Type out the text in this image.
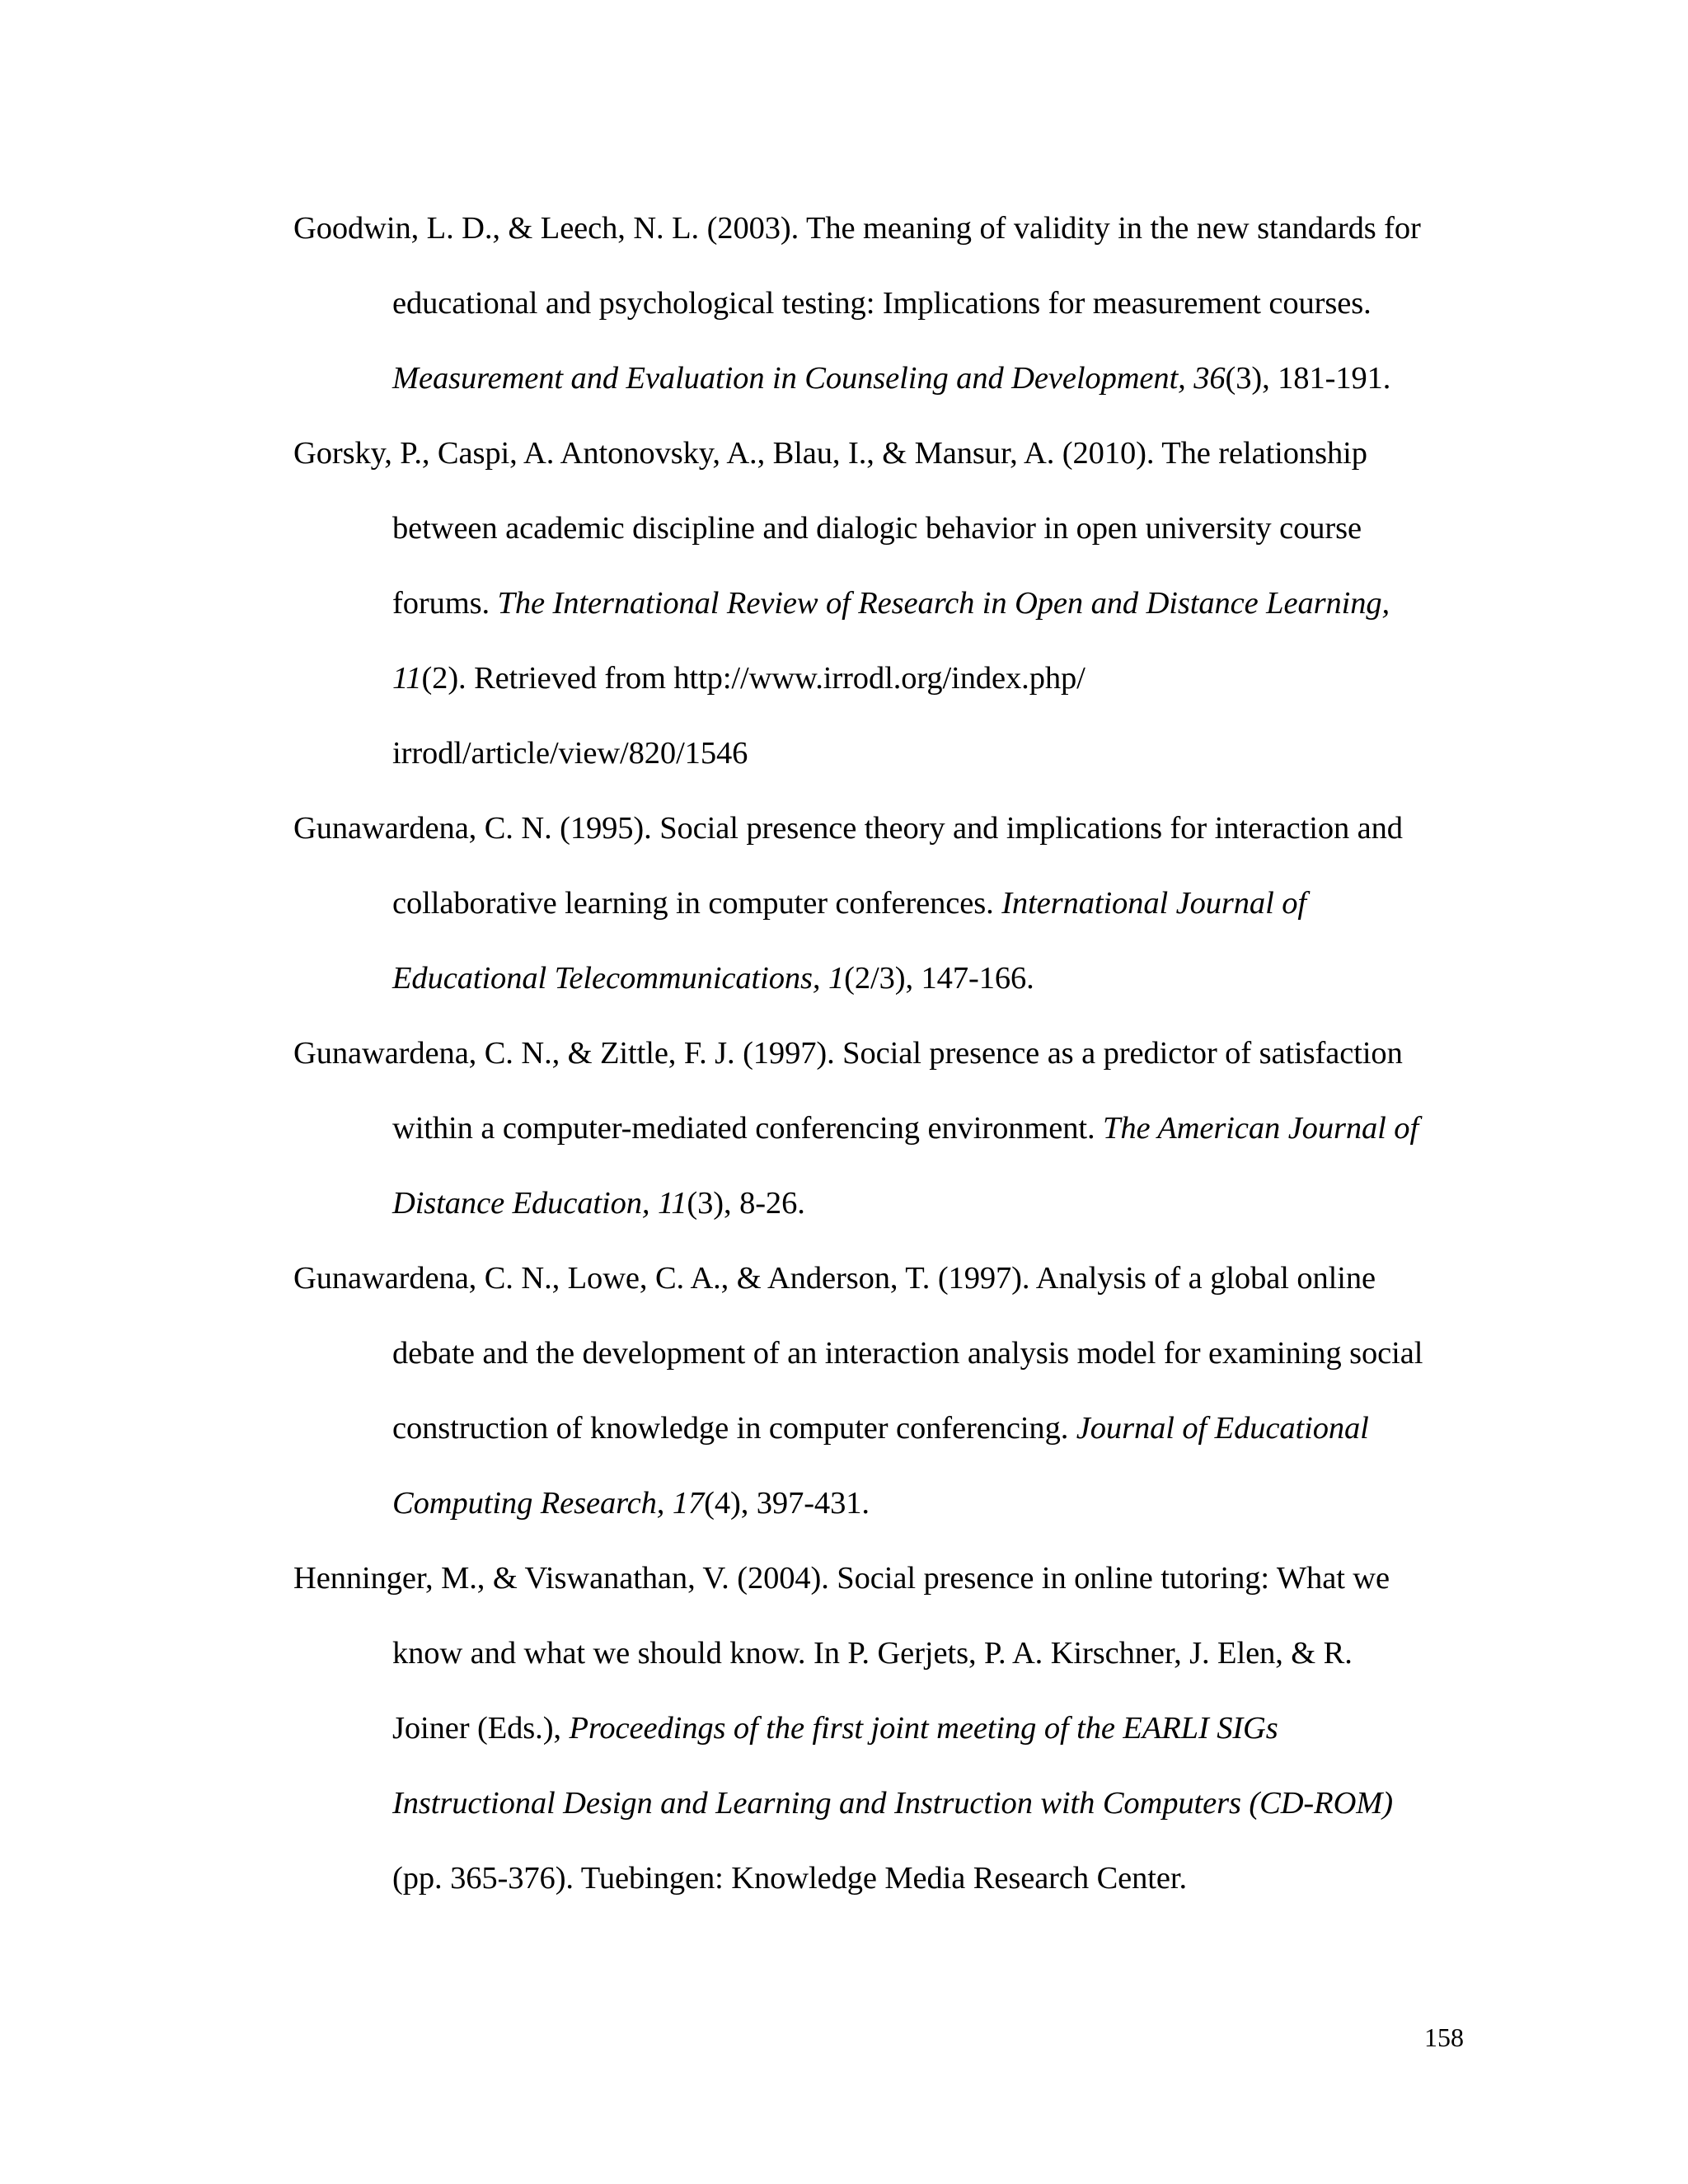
Goodwin, L. D., & Leech, N. L. (2003). The meaning of validity in the new standards for
educational and psychological testing: Implications for measurement courses.
Measurement and Evaluation in Counseling and Development, 36(3), 181-191.
Gorsky, P., Caspi, A. Antonovsky, A., Blau, I., & Mansur, A. (2010). The relationship
between academic discipline and dialogic behavior in open university course
forums. The International Review of Research in Open and Distance Learning,
11(2). Retrieved from http://www.irrodl.org/index.php/
irrodl/article/view/820/1546
Gunawardena, C. N. (1995). Social presence theory and implications for interaction and
collaborative learning in computer conferences. International Journal of
Educational Telecommunications, 1(2/3), 147-166.
Gunawardena, C. N., & Zittle, F. J. (1997). Social presence as a predictor of satisfaction
within a computer-mediated conferencing environment. The American Journal of
Distance Education, 11(3), 8-26.
Gunawardena, C. N., Lowe, C. A., & Anderson, T. (1997). Analysis of a global online
debate and the development of an interaction analysis model for examining social
construction of knowledge in computer conferencing. Journal of Educational
Computing Research, 17(4), 397-431.
Henninger, M., & Viswanathan, V. (2004). Social presence in online tutoring: What we
know and what we should know. In P. Gerjets, P. A. Kirschner, J. Elen, & R.
Joiner (Eds.), Proceedings of the first joint meeting of the EARLI SIGs
Instructional Design and Learning and Instruction with Computers (CD-ROM)
(pp. 365-376). Tuebingen: Knowledge Media Research Center.
158
